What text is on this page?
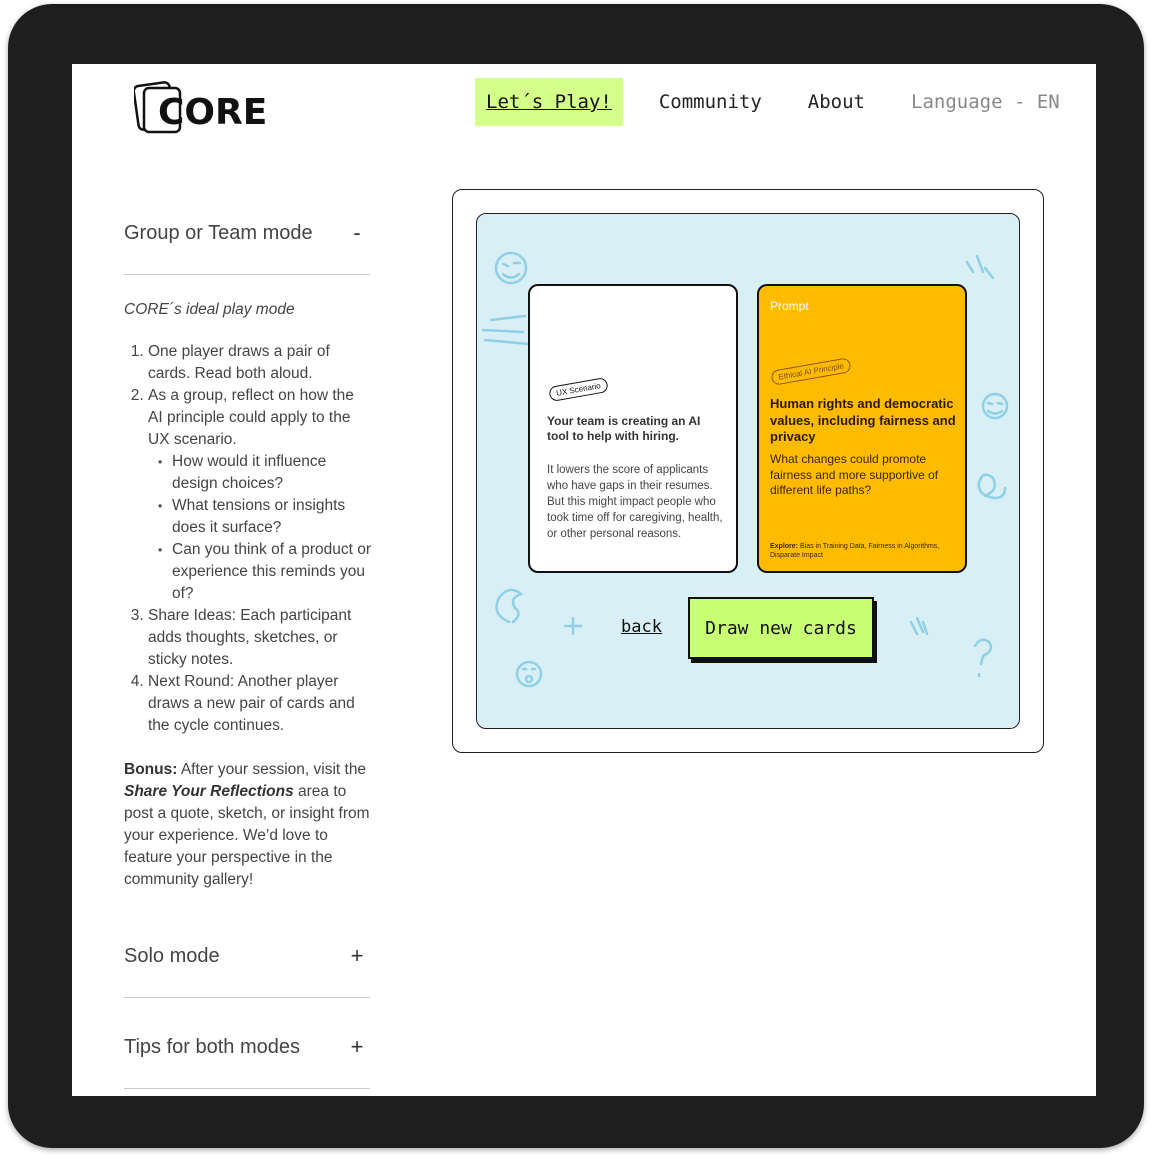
CORE	Let´s Play!	Community About Language - EN
Group or Team mode	-

CORE´s ideal play mode

1. One player draws a pair of cards. Read both aloud.
2. As a group, reflect on how the AI principle could apply to the UX scenario.
• How would it influence design choices?
• What tensions or insights does it surface?
• Can you think of a product or experience this reminds you of?
3. Share Ideas: Each participant adds thoughts, sketches, or sticky notes.
4. Next Round: Another player draws a new pair of cards and the cycle continues.

Bonus: After your session, visit the Share Your Reflections area to post a quote, sketch, or insight from your experience. We’d love to feature your perspective in the community gallery!

Solo mode	+
Tips for both modes	+
UX Scenario

Your team is creating an AI tool to help with hiring.

It lowers the score of applicants who have gaps in their resumes. But this might impact people who took time off for caregiving, health, or other personal reasons.

Prompt
Ethical AI Principle

Human rights and democratic values, including fairness and privacy

What changes could promote fairness and more supportive of different life paths?

Explore: Bias in Training Data, Fairness in Algorithms, Disparate Impact

back	Draw new cards
